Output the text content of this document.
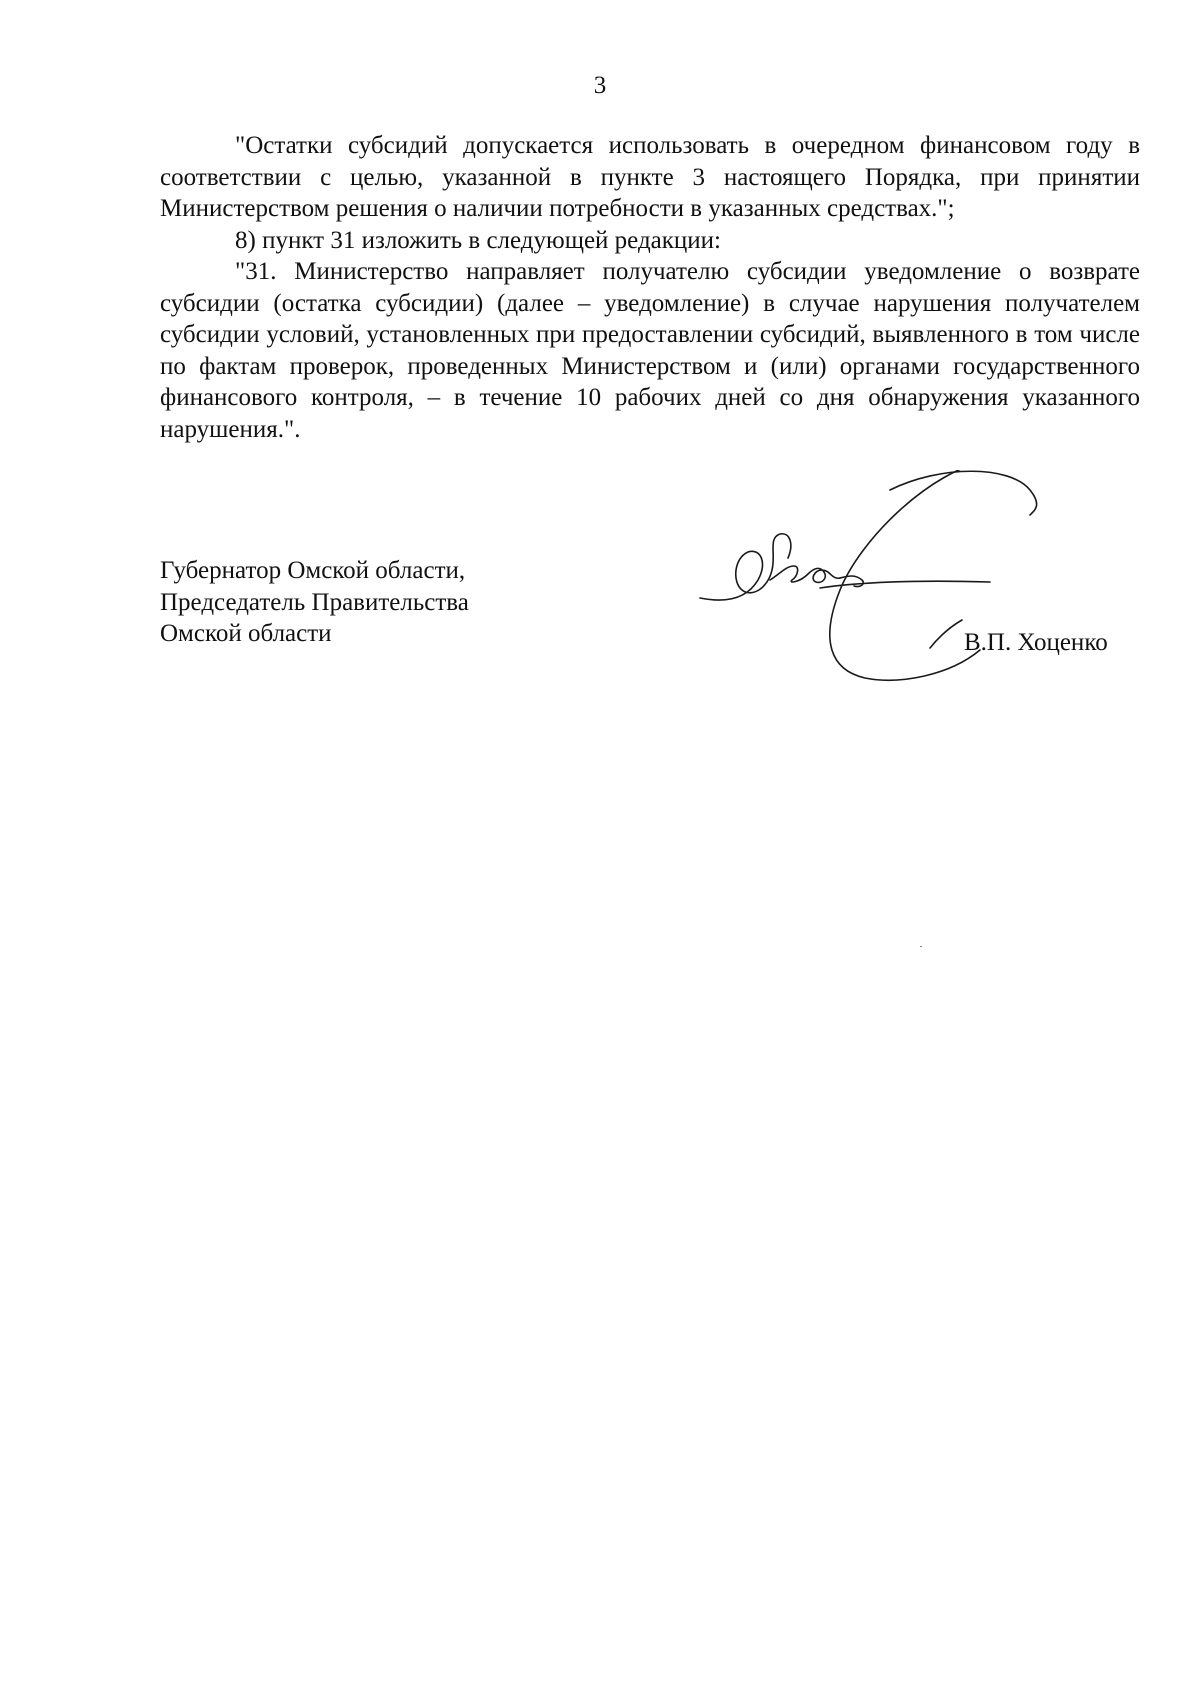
3

"Остатки субсидий допускается использовать в очередном финансовом году в соответствии с целью, указанной в пункте 3 настоящего Порядка, при принятии Министерством решения о наличии потребности в указанных средствах.";

8) пункт 31 изложить в следующей редакции:

"31. Министерство направляет получателю субсидии уведомление о возврате субсидии (остатка субсидии) (далее – уведомление) в случае нарушения получателем субсидии условий, установленных при предоставлении субсидий, выявленного в том числе по фактам проверок, проведенных Министерством и (или) органами государственного финансового контроля, – в течение 10 рабочих дней со дня обнаружения указанного нарушения.".

Губернатор Омской области,
Председатель Правительства
Омской области	В.П. Хоценко
